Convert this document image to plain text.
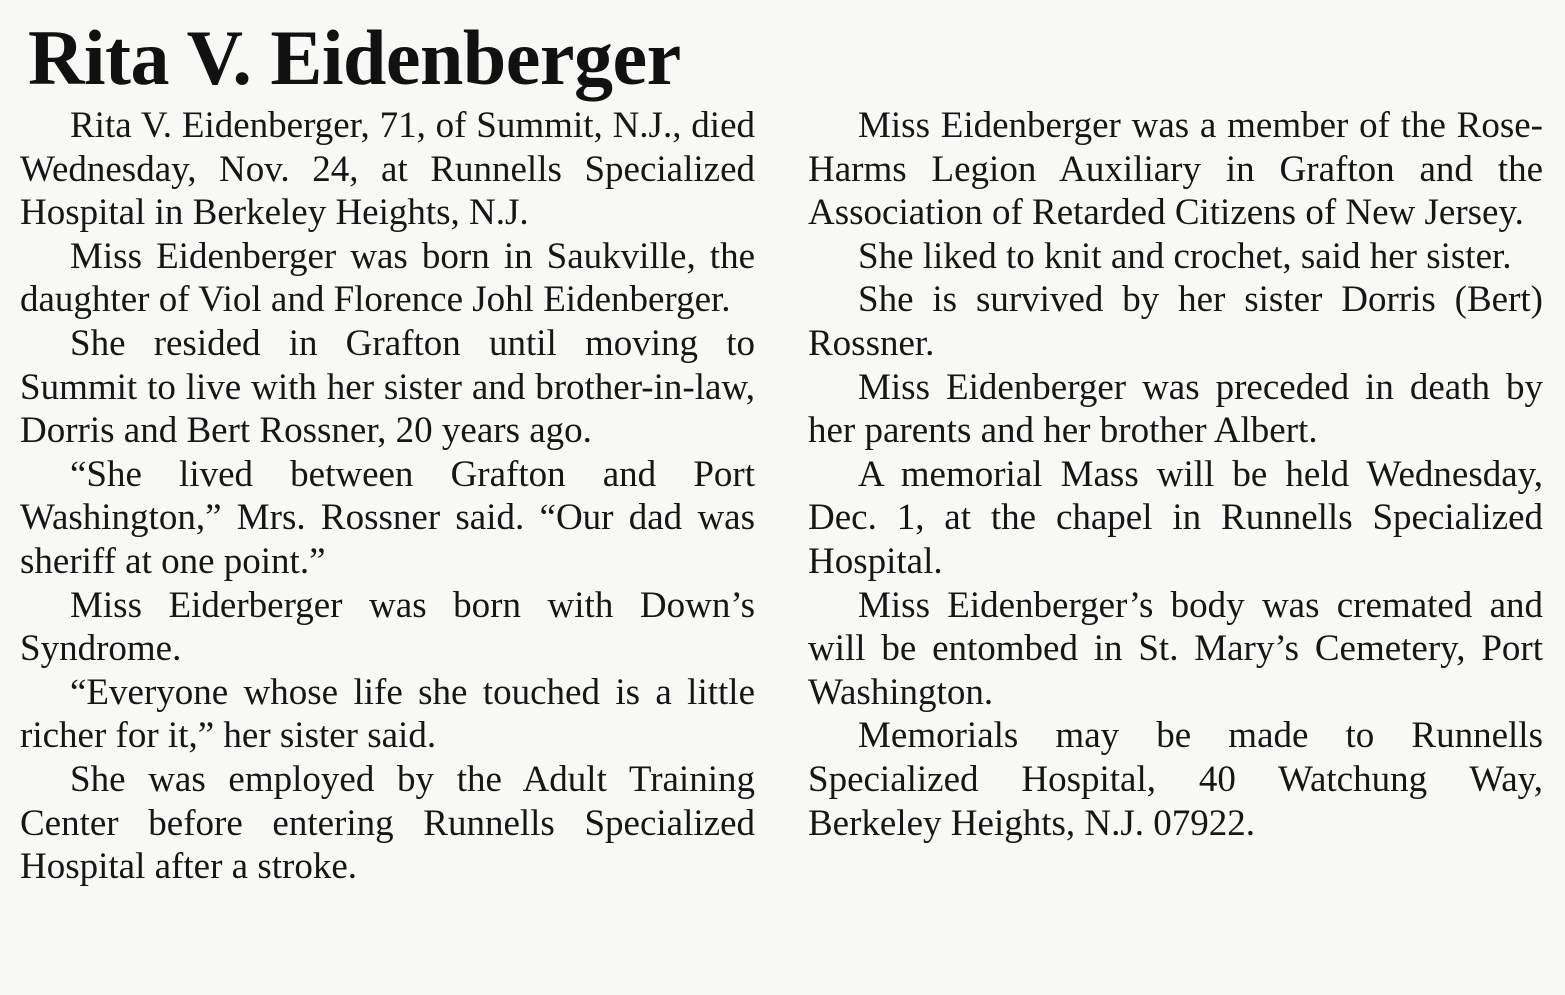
Rita V. Eidenberger

Rita V. Eidenberger, 71, of Summit, N.J., died Wednesday, Nov. 24, at Runnells Specialized Hospital in Berkeley Heights, N.J.

Miss Eidenberger was born in Saukville, the daughter of Viol and Florence Johl Eidenberger.

She resided in Grafton until moving to Summit to live with her sister and brother-in-law, Dorris and Bert Rossner, 20 years ago.

“She lived between Grafton and Port Washington,” Mrs. Rossner said. “Our dad was sheriff at one point.”

Miss Eiderberger was born with Down’s Syndrome.

“Everyone whose life she touched is a little richer for it,” her sister said.

She was employed by the Adult Training Center before entering Runnells Specialized Hospital after a stroke.

Miss Eidenberger was a member of the Rose-Harms Legion Auxiliary in Grafton and the Association of Retarded Citizens of New Jersey.

She liked to knit and crochet, said her sister.

She is survived by her sister Dorris (Bert) Rossner.

Miss Eidenberger was preceded in death by her parents and her brother Albert.

A memorial Mass will be held Wednesday, Dec. 1, at the chapel in Runnells Specialized Hospital.

Miss Eidenberger’s body was cremated and will be entombed in St. Mary’s Cemetery, Port Washington.

Memorials may be made to Runnells Specialized Hospital, 40 Watchung Way, Berkeley Heights, N.J. 07922.
